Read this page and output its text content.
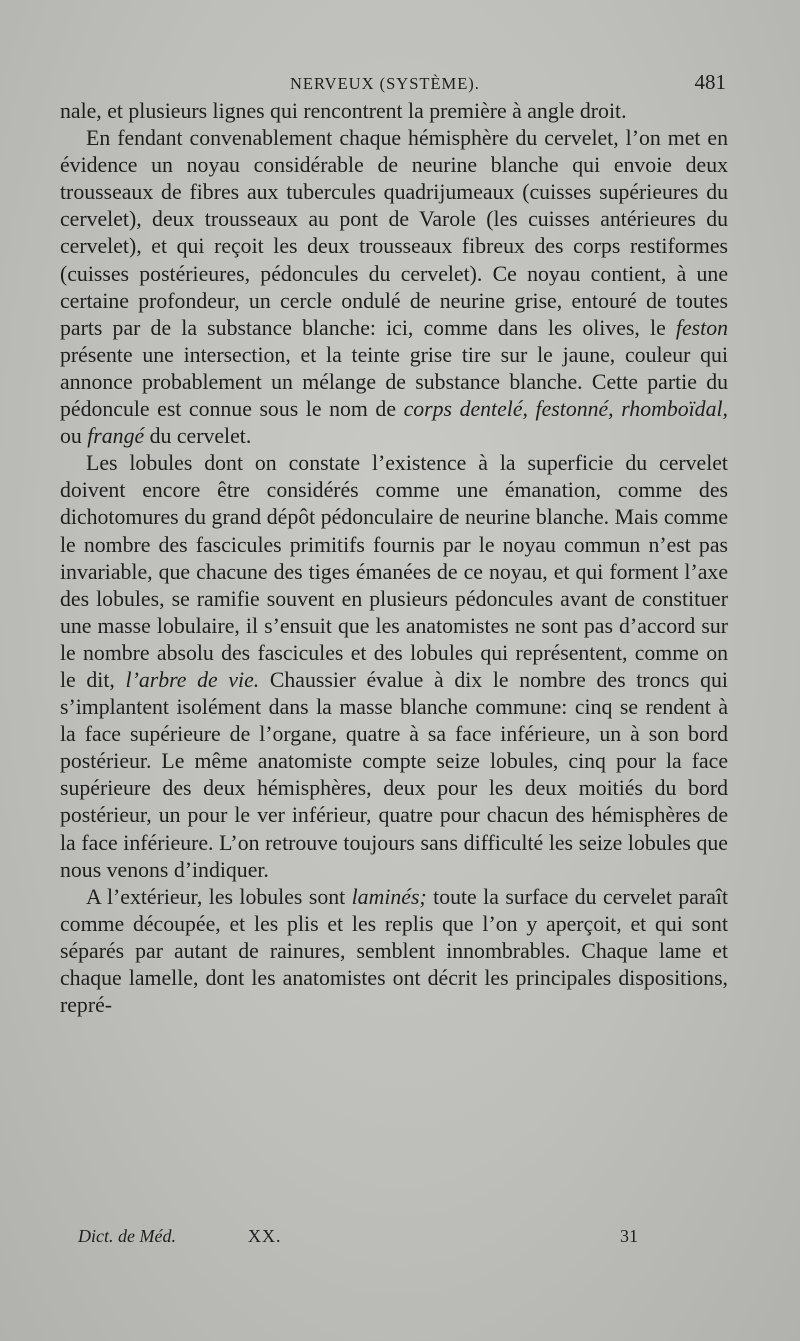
NERVEUX (SYSTÈME).	481

nale, et plusieurs lignes qui rencontrent la première à angle droit.

En fendant convenablement chaque hémisphère du cervelet, l’on met en évidence un noyau considérable de neurine blanche qui envoie deux trousseaux de fibres aux tubercules quadrijumeaux (cuisses supérieures du cervelet), deux trousseaux au pont de Varole (les cuisses antérieures du cervelet), et qui reçoit les deux trousseaux fibreux des corps restiformes (cuisses postérieures, pédoncules du cervelet). Ce noyau contient, à une certaine profondeur, un cercle ondulé de neurine grise, entouré de toutes parts par de la substance blanche: ici, comme dans les olives, le feston présente une intersection, et la teinte grise tire sur le jaune, couleur qui annonce probablement un mélange de substance blanche. Cette partie du pédoncule est connue sous le nom de corps dentelé, festonné, rhomboïdal, ou frangé du cervelet.

Les lobules dont on constate l’existence à la superficie du cervelet doivent encore être considérés comme une émanation, comme des dichotomures du grand dépôt pédonculaire de neurine blanche. Mais comme le nombre des fascicules primitifs fournis par le noyau commun n’est pas invariable, que chacune des tiges émanées de ce noyau, et qui forment l’axe des lobules, se ramifie souvent en plusieurs pédoncules avant de constituer une masse lobulaire, il s’ensuit que les anatomistes ne sont pas d’accord sur le nombre absolu des fascicules et des lobules qui représentent, comme on le dit, l’arbre de vie. Chaussier évalue à dix le nombre des troncs qui s’implantent isolément dans la masse blanche commune: cinq se rendent à la face supérieure de l’organe, quatre à sa face inférieure, un à son bord postérieur. Le même anatomiste compte seize lobules, cinq pour la face supérieure des deux hémisphères, deux pour les deux moitiés du bord postérieur, un pour le ver inférieur, quatre pour chacun des hémisphères de la face inférieure. L’on retrouve toujours sans difficulté les seize lobules que nous venons d’indiquer.

A l’extérieur, les lobules sont laminés; toute la surface du cervelet paraît comme découpée, et les plis et les replis que l’on y aperçoit, et qui sont séparés par autant de rainures, semblent innombrables. Chaque lame et chaque lamelle, dont les anatomistes ont décrit les principales dispositions, repré-

Dict. de Méd.	XX.	31
